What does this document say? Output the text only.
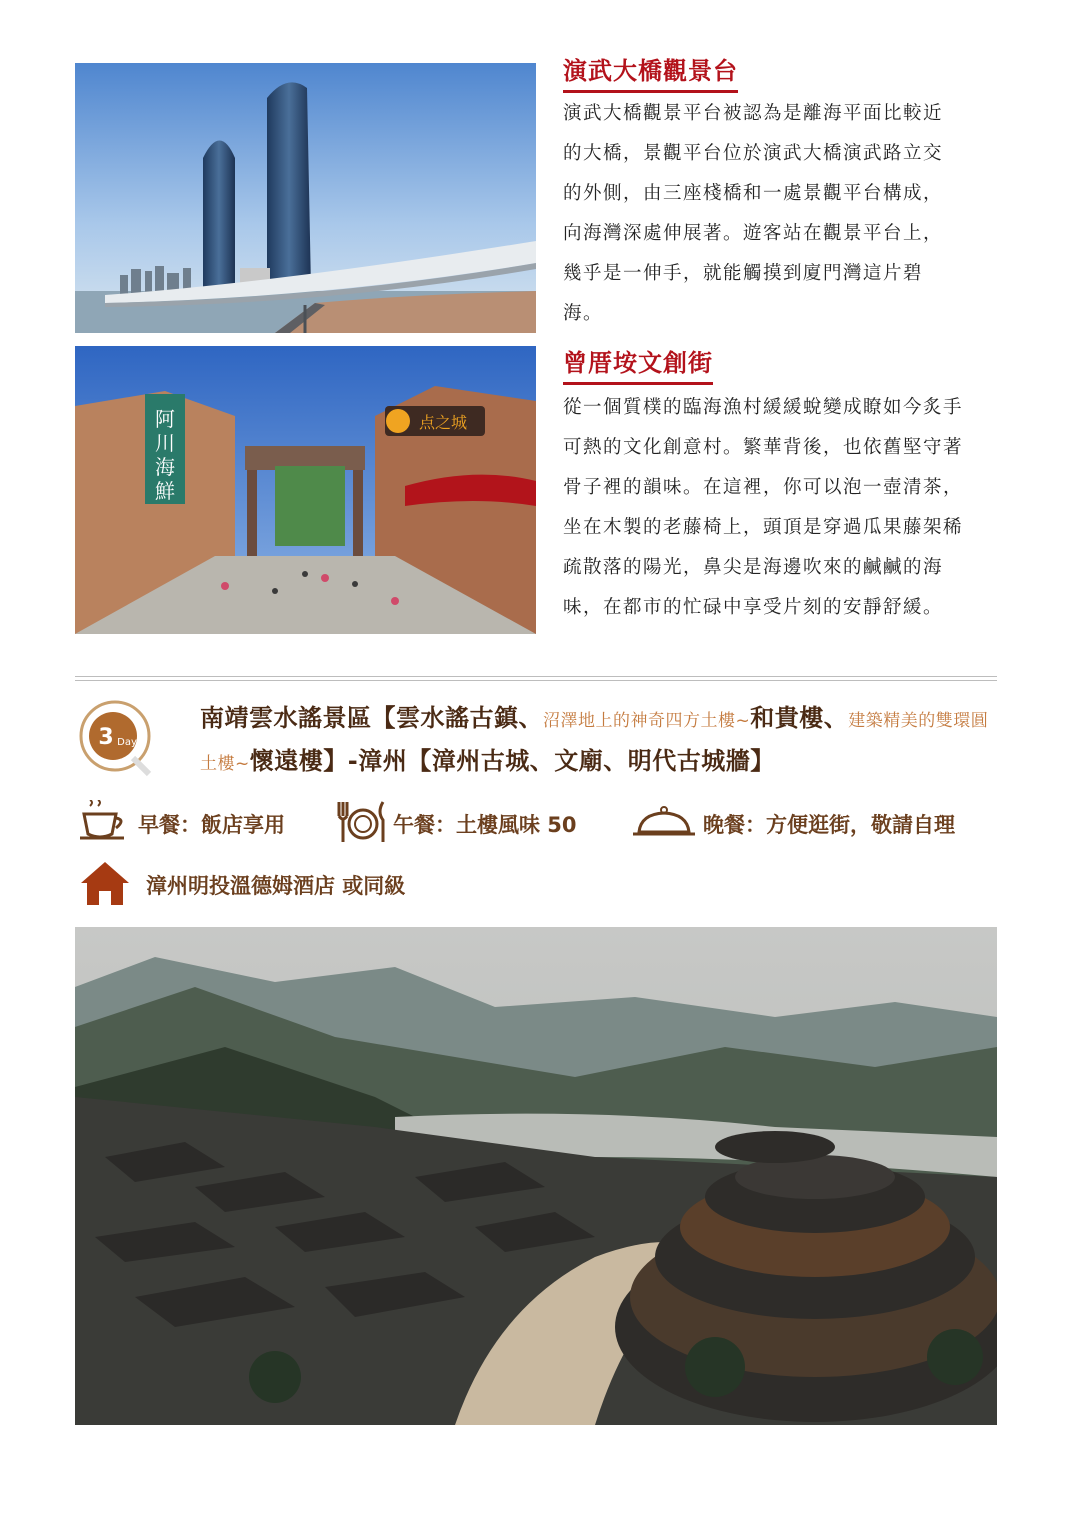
演武大橋觀景台

演武大橋觀景平台被認為是離海平面比較近
的大橋，景觀平台位於演武大橋演武路立交
的外側，由三座棧橋和一處景觀平台構成，
向海灣深處伸展著。遊客站在觀景平台上，
幾乎是一伸手，就能觸摸到廈門灣這片碧
海。

阿川海鮮
点之城
曾厝垵文創街

從一個質樸的臨海漁村緩緩蛻變成瞭如今炙手
可熱的文化創意村。繁華背後，也依舊堅守著
骨子裡的韻味。在這裡，你可以泡一壺清茶，
坐在木製的老藤椅上，頭頂是穿過瓜果藤架稀
疏散落的陽光，鼻尖是海邊吹來的鹹鹹的海
味，在都市的忙碌中享受片刻的安靜舒緩。

3 Day

南靖雲水謠景區【雲水謠古鎮、沼澤地上的神奇四方土樓~和貴樓、建築精美的雙環圓土樓~懷遠樓】-漳州【漳州古城、文廟、明代古城牆】

早餐：飯店享用	午餐：土樓風味 50	晚餐：方便逛街，敬請自理
漳州明投溫德姆酒店 或同級
